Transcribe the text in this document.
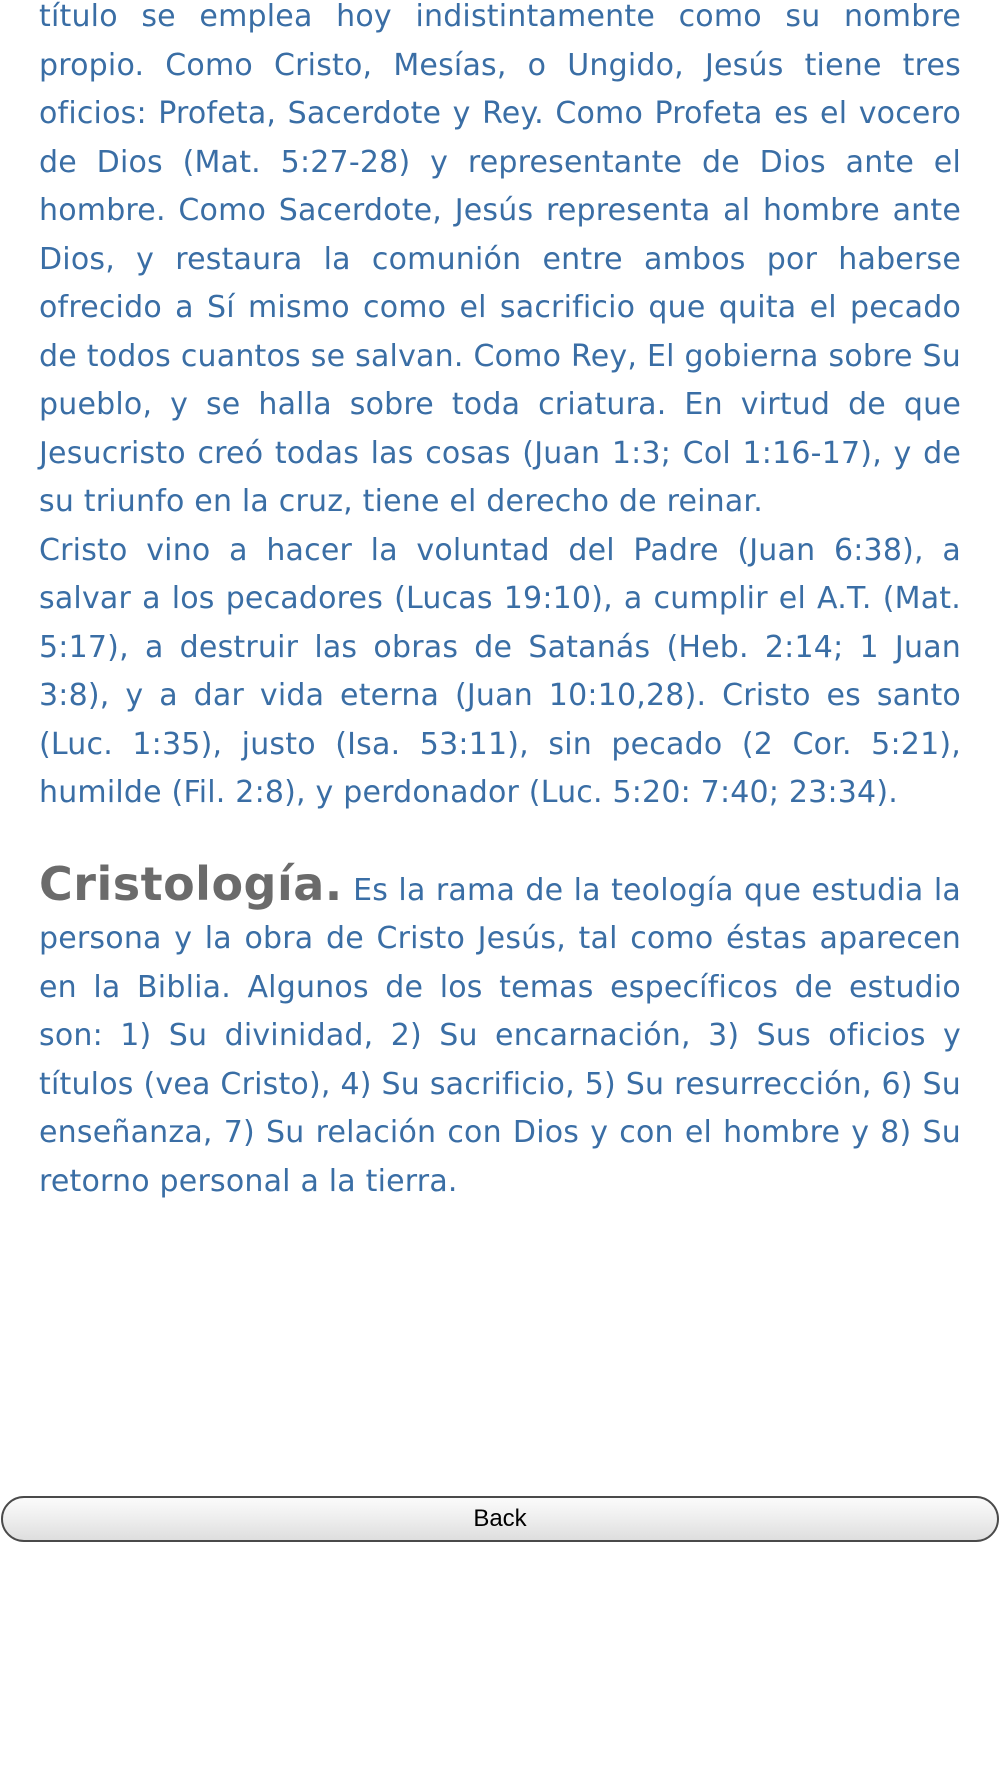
título se emplea hoy indistintamente como su nombre propio. Como Cristo, Mesías, o Ungido, Jesús tiene tres oficios: Profeta, Sacerdote y Rey. Como Profeta es el vocero de Dios (Mat. 5:27-28) y representante de Dios ante el hombre. Como Sacerdote, Jesús representa al hombre ante Dios, y restaura la comunión entre ambos por haberse ofrecido a Sí mismo como el sacrificio que quita el pecado de todos cuantos se salvan. Como Rey, El gobierna sobre Su pueblo, y se halla sobre toda criatura. En virtud de que Jesucristo creó todas las cosas (Juan 1:3; Col 1:16-17), y de su triunfo en la cruz, tiene el derecho de reinar.

Cristo vino a hacer la voluntad del Padre (Juan 6:38), a salvar a los pecadores (Lucas 19:10), a cumplir el A.T. (Mat. 5:17), a destruir las obras de Satanás (Heb. 2:14; 1 Juan 3:8), y a dar vida eterna (Juan 10:10,28). Cristo es santo (Luc. 1:35), justo (Isa. 53:11), sin pecado (2 Cor. 5:21), humilde (Fil. 2:8), y perdonador (Luc. 5:20: 7:40; 23:34).

Cristología. Es la rama de la teología que estudia la persona y la obra de Cristo Jesús, tal como éstas aparecen en la Biblia. Algunos de los temas específicos de estudio son: 1) Su divinidad, 2) Su encarnación, 3) Sus oficios y títulos (vea Cristo), 4) Su sacrificio, 5) Su resurrección, 6) Su enseñanza, 7) Su relación con Dios y con el hombre y 8) Su retorno personal a la tierra.

Back
